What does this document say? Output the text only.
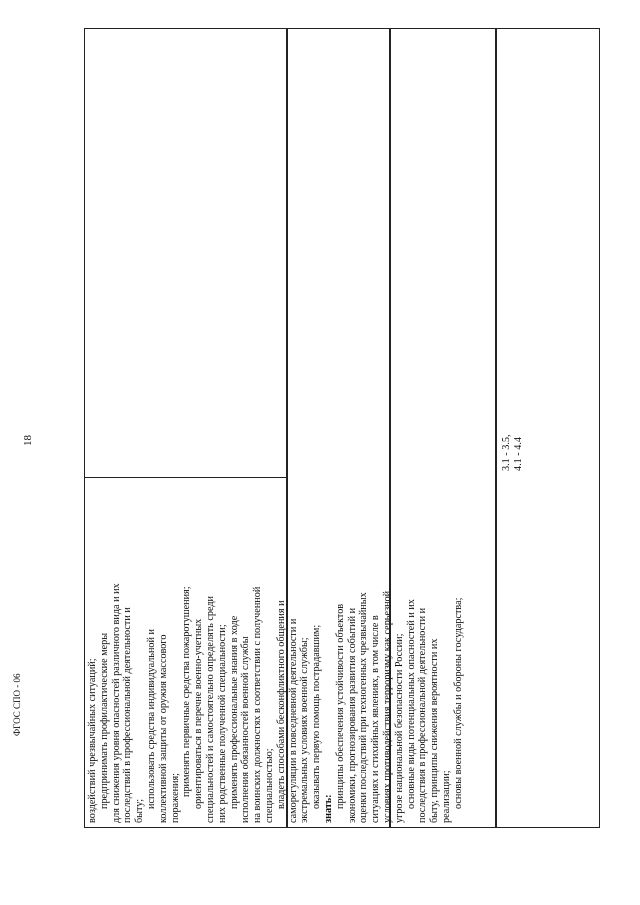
18
ФГОС СПО - 06	воздействий чрезвычайных ситуаций; предпринимать профилактические меры для снижения уровня опасностей различного вида и их последствий в профессиональной деятельности и быту;
использовать средства индивидуальной и коллективной защиты от оружия массового поражения;
применять первичные средства пожаротушения; ориентироваться в перечне военно-учетных специальностей и самостоятельно определять среди них родственные полученной специальности; применять профессиональные знания в ходе исполнения обязанностей военной службы на воинских должностях в соответствии с полученной специальностью; владеть способами бесконфликтного общения и саморегуляции в повседневной деятельности и экстремальных условиях военной службы; оказывать первую помощь пострадавшим; знать: принципы обеспечения устойчивости объектов экономики, прогнозирования развития событий и оценки последствий при техногенных чрезвычайных ситуациях и стихийных явлениях, в том числе в условиях противодействия терроризму как серьезной угрозе национальной безопасности России; основные виды потенциальных опасностей и их последствия в профессиональной деятельности и быту, принципы снижения вероятности их реализации; основы военной службы и обороны государства;
3.1 - 3.5, 4.1 - 4.4
